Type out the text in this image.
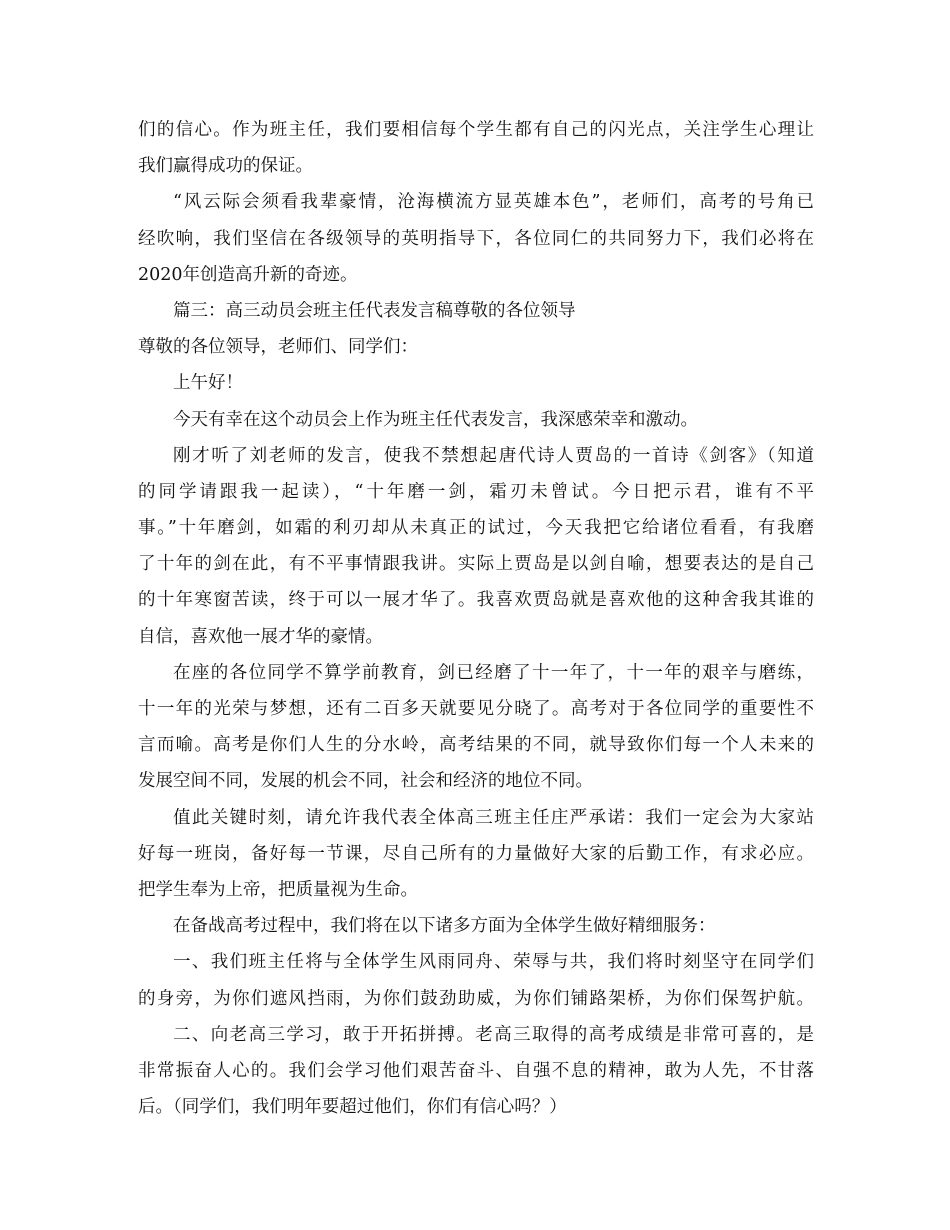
们的信心。作为班主任，我们要相信每个学生都有自己的闪光点，关注学生心理让
我们赢得成功的保证。
“风云际会须看我辈豪情，沧海横流方显英雄本色”，老师们，高考的号角已
经吹响，我们坚信在各级领导的英明指导下，各位同仁的共同努力下，我们必将在
2020年创造高升新的奇迹。
篇三：高三动员会班主任代表发言稿尊敬的各位领导
尊敬的各位领导，老师们、同学们：
上午好！
今天有幸在这个动员会上作为班主任代表发言，我深感荣幸和激动。
刚才听了刘老师的发言，使我不禁想起唐代诗人贾岛的一首诗《剑客》（知道
的同学请跟我一起读），“十年磨一剑，霜刃未曾试。今日把示君，谁有不平
事。”十年磨剑，如霜的利刃却从未真正的试过，今天我把它给诸位看看，有我磨
了十年的剑在此，有不平事情跟我讲。实际上贾岛是以剑自喻，想要表达的是自己
的十年寒窗苦读，终于可以一展才华了。我喜欢贾岛就是喜欢他的这种舍我其谁的
自信，喜欢他一展才华的豪情。
在座的各位同学不算学前教育，剑已经磨了十一年了，十一年的艰辛与磨练，
十一年的光荣与梦想，还有二百多天就要见分晓了。高考对于各位同学的重要性不
言而喻。高考是你们人生的分水岭，高考结果的不同，就导致你们每一个人未来的
发展空间不同，发展的机会不同，社会和经济的地位不同。
值此关键时刻，请允许我代表全体高三班主任庄严承诺：我们一定会为大家站
好每一班岗，备好每一节课，尽自己所有的力量做好大家的后勤工作，有求必应。
把学生奉为上帝，把质量视为生命。
在备战高考过程中，我们将在以下诸多方面为全体学生做好精细服务：
一、我们班主任将与全体学生风雨同舟、荣辱与共，我们将时刻坚守在同学们
的身旁，为你们遮风挡雨，为你们鼓劲助威，为你们铺路架桥，为你们保驾护航。
二、向老高三学习，敢于开拓拼搏。老高三取得的高考成绩是非常可喜的，是
非常振奋人心的。我们会学习他们艰苦奋斗、自强不息的精神，敢为人先，不甘落
后。（同学们，我们明年要超过他们，你们有信心吗？）
